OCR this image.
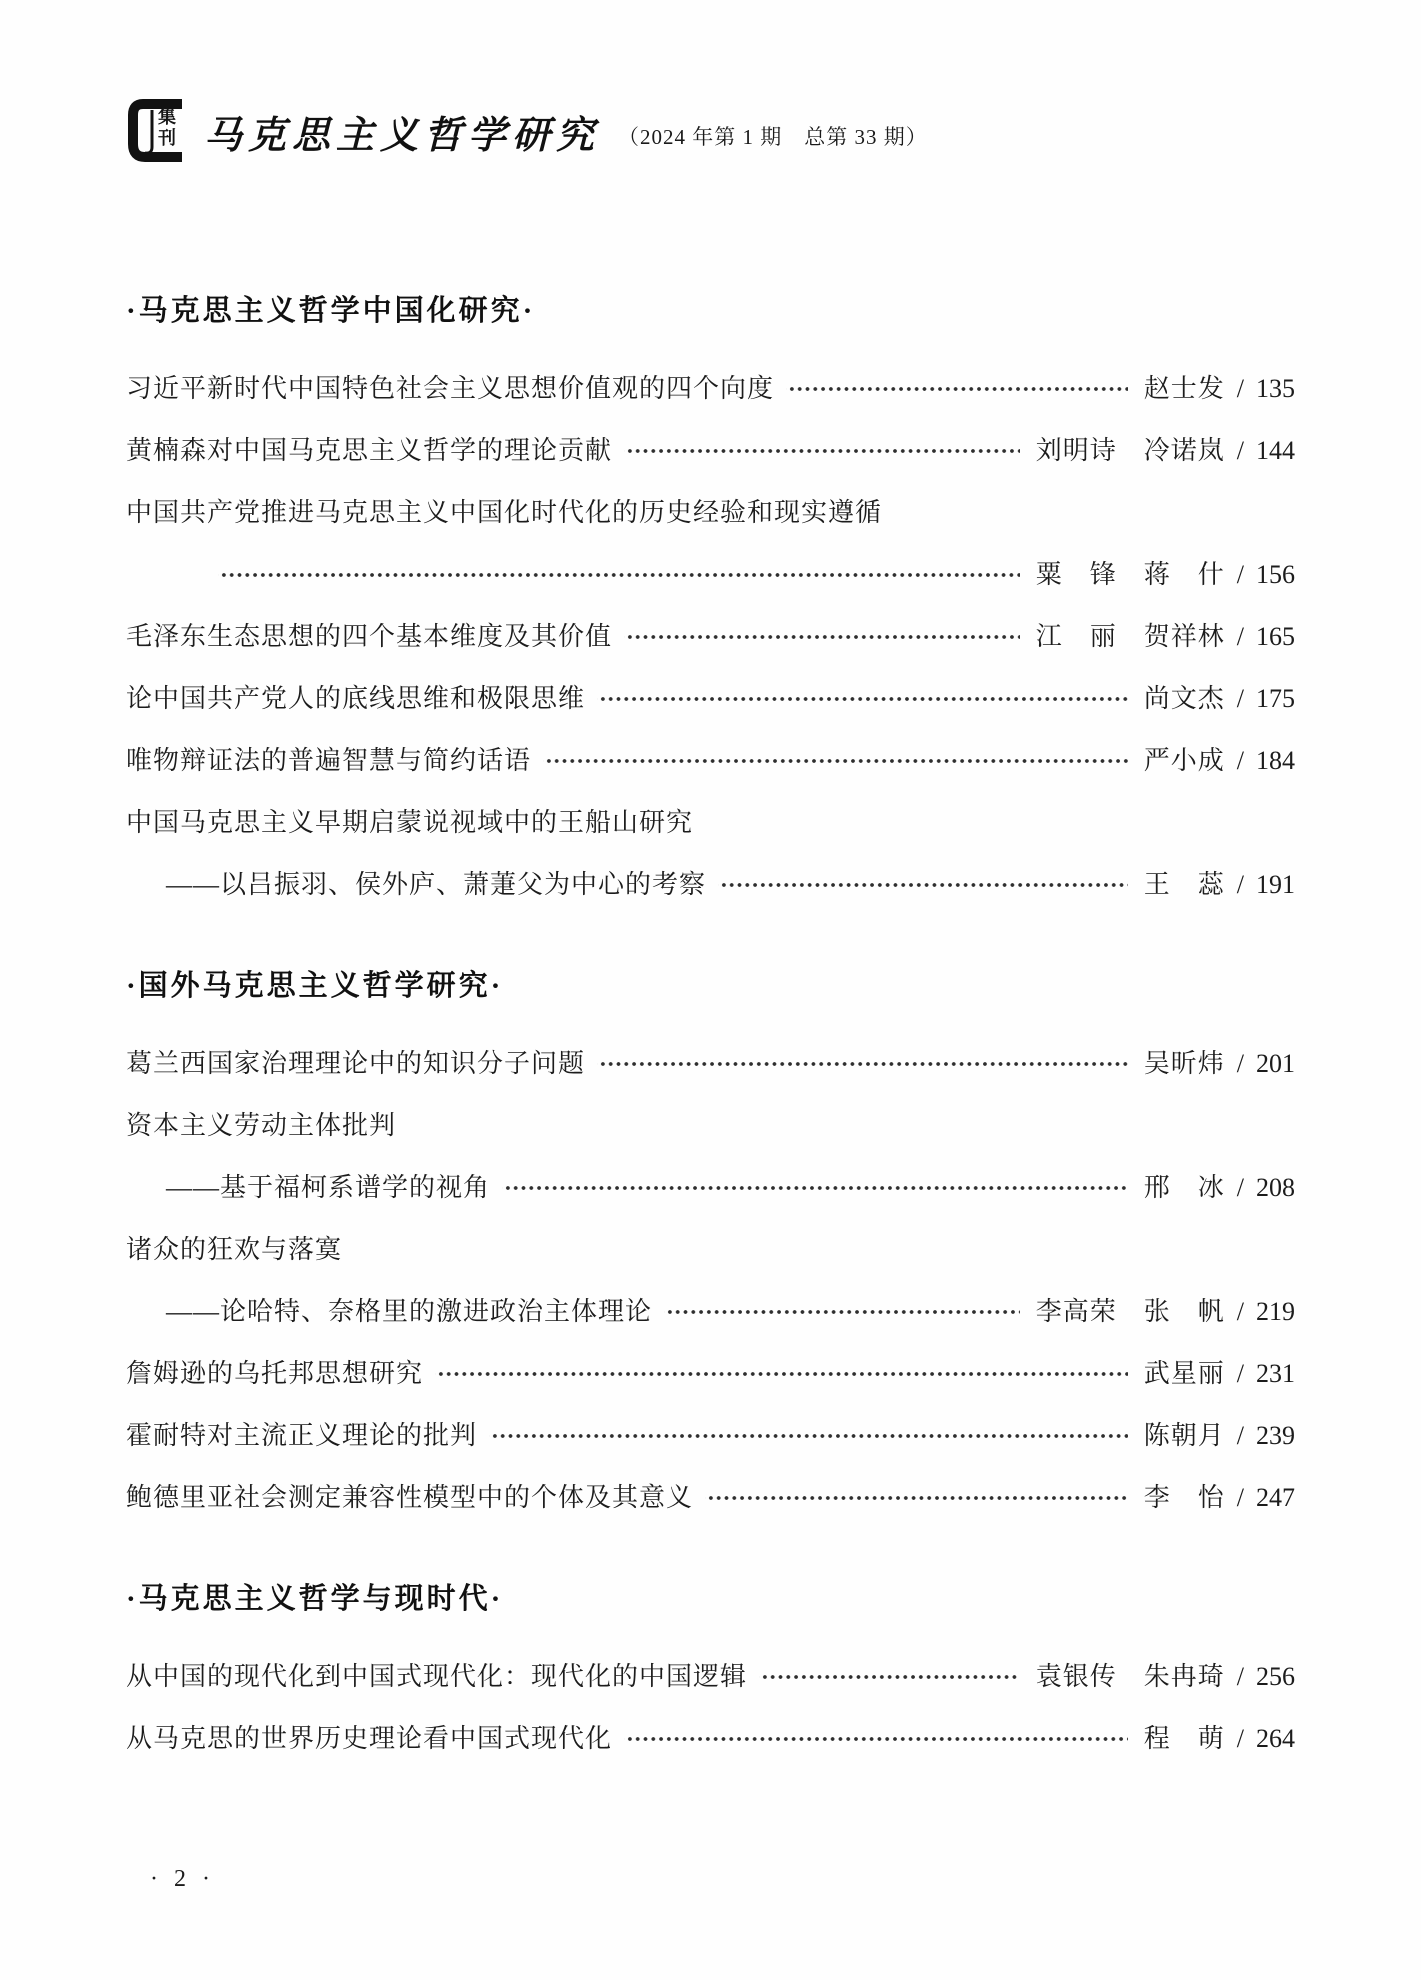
集刊 马克思主义哲学研究 （2024 年第 1 期　总第 33 期）
·马克思主义哲学中国化研究·
习近平新时代中国特色社会主义思想价值观的四个向度	赵士发 / 135
黄楠森对中国马克思主义哲学的理论贡献	刘明诗　冷诺岚 / 144
中国共产党推进马克思主义中国化时代化的历史经验和现实遵循
粟　锋　蒋　什 / 156
毛泽东生态思想的四个基本维度及其价值	江　丽　贺祥林 / 165
论中国共产党人的底线思维和极限思维	尚文杰 / 175
唯物辩证法的普遍智慧与简约话语	严小成 / 184
中国马克思主义早期启蒙说视域中的王船山研究
——以吕振羽、侯外庐、萧萐父为中心的考察	王　蕊 / 191
·国外马克思主义哲学研究·
葛兰西国家治理理论中的知识分子问题	吴昕炜 / 201
资本主义劳动主体批判
——基于福柯系谱学的视角	邢　冰 / 208
诸众的狂欢与落寞
——论哈特、奈格里的激进政治主体理论	李高荣　张　帆 / 219
詹姆逊的乌托邦思想研究	武星丽 / 231
霍耐特对主流正义理论的批判	陈朝月 / 239
鲍德里亚社会测定兼容性模型中的个体及其意义	李　怡 / 247
·马克思主义哲学与现时代·
从中国的现代化到中国式现代化：现代化的中国逻辑	袁银传　朱冉琦 / 256
从马克思的世界历史理论看中国式现代化	程　萌 / 264
· 2 ·
